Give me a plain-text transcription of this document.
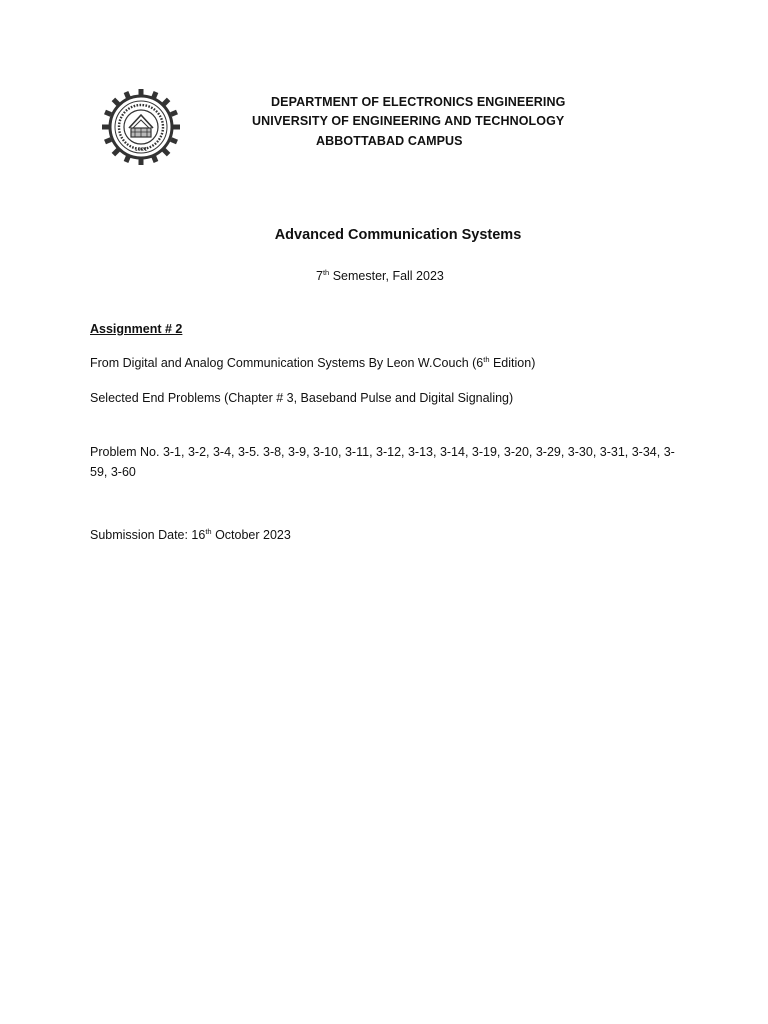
1921
DEPARTMENT OF ELECTRONICS ENGINEERING
UNIVERSITY OF ENGINEERING AND TECHNOLOGY
ABBOTTABAD CAMPUS
Advanced Communication Systems
7th Semester, Fall 2023
Assignment # 2
From Digital and Analog Communication Systems By Leon W.Couch (6th Edition)
Selected End Problems (Chapter # 3, Baseband Pulse and Digital Signaling)
Problem No. 3-1, 3-2, 3-4, 3-5. 3-8, 3-9, 3-10, 3-11, 3-12, 3-13, 3-14, 3-19, 3-20, 3-29, 3-30, 3-31, 3-34, 3-59, 3-60
Submission Date: 16th October 2023
